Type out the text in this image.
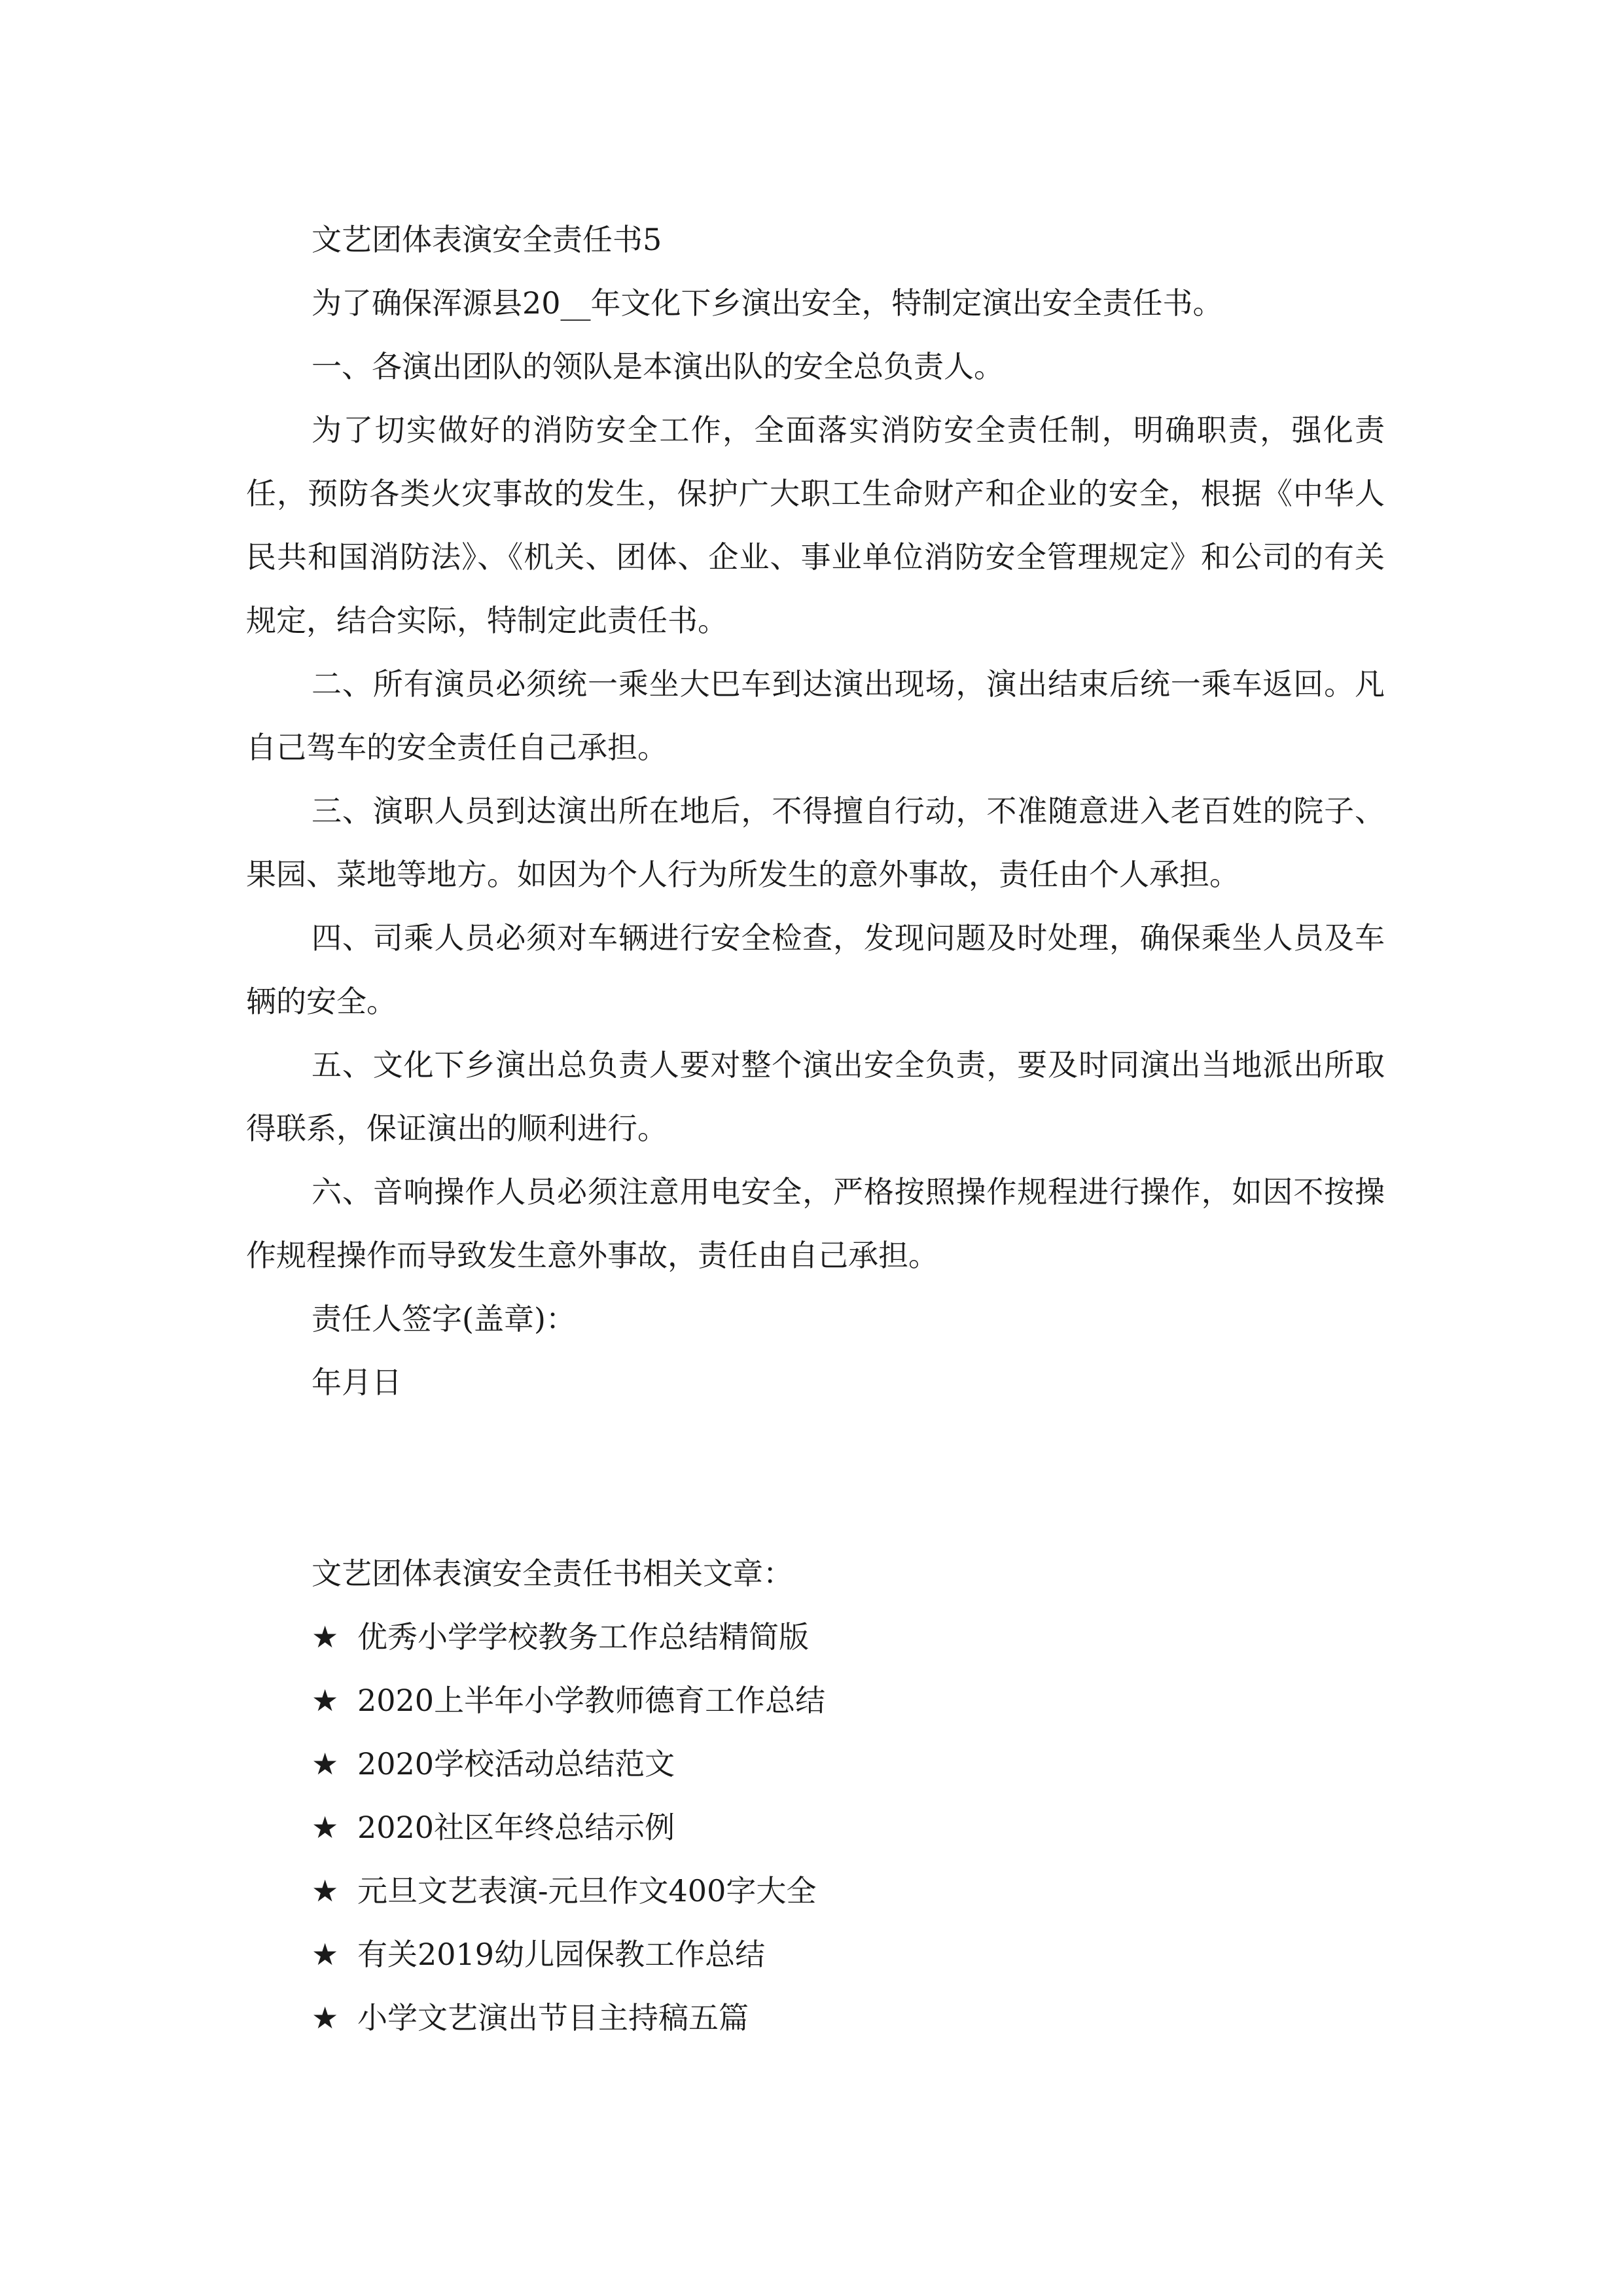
文艺团体表演安全责任书5

为了确保浑源县20__年文化下乡演出安全，特制定演出安全责任书。

一、各演出团队的领队是本演出队的安全总负责人。

为了切实做好的消防安全工作，全面落实消防安全责任制，明确职责，强化责任，预防各类火灾事故的发生，保护广大职工生命财产和企业的安全，根据《中华人民共和国消防法》、《机关、团体、企业、事业单位消防安全管理规定》和公司的有关规定，结合实际，特制定此责任书。

二、所有演员必须统一乘坐大巴车到达演出现场，演出结束后统一乘车返回。凡自己驾车的安全责任自己承担。

三、演职人员到达演出所在地后，不得擅自行动，不准随意进入老百姓的院子、果园、菜地等地方。如因为个人行为所发生的意外事故，责任由个人承担。

四、司乘人员必须对车辆进行安全检查，发现问题及时处理，确保乘坐人员及车辆的安全。

五、文化下乡演出总负责人要对整个演出安全负责，要及时同演出当地派出所取得联系，保证演出的顺利进行。

六、音响操作人员必须注意用电安全，严格按照操作规程进行操作，如因不按操作规程操作而导致发生意外事故，责任由自己承担。

责任人签字(盖章)：

年月日

文艺团体表演安全责任书相关文章：

★ 优秀小学学校教务工作总结精简版

★ 2020上半年小学教师德育工作总结

★ 2020学校活动总结范文

★ 2020社区年终总结示例

★ 元旦文艺表演-元旦作文400字大全

★ 有关2019幼儿园保教工作总结

★ 小学文艺演出节目主持稿五篇
